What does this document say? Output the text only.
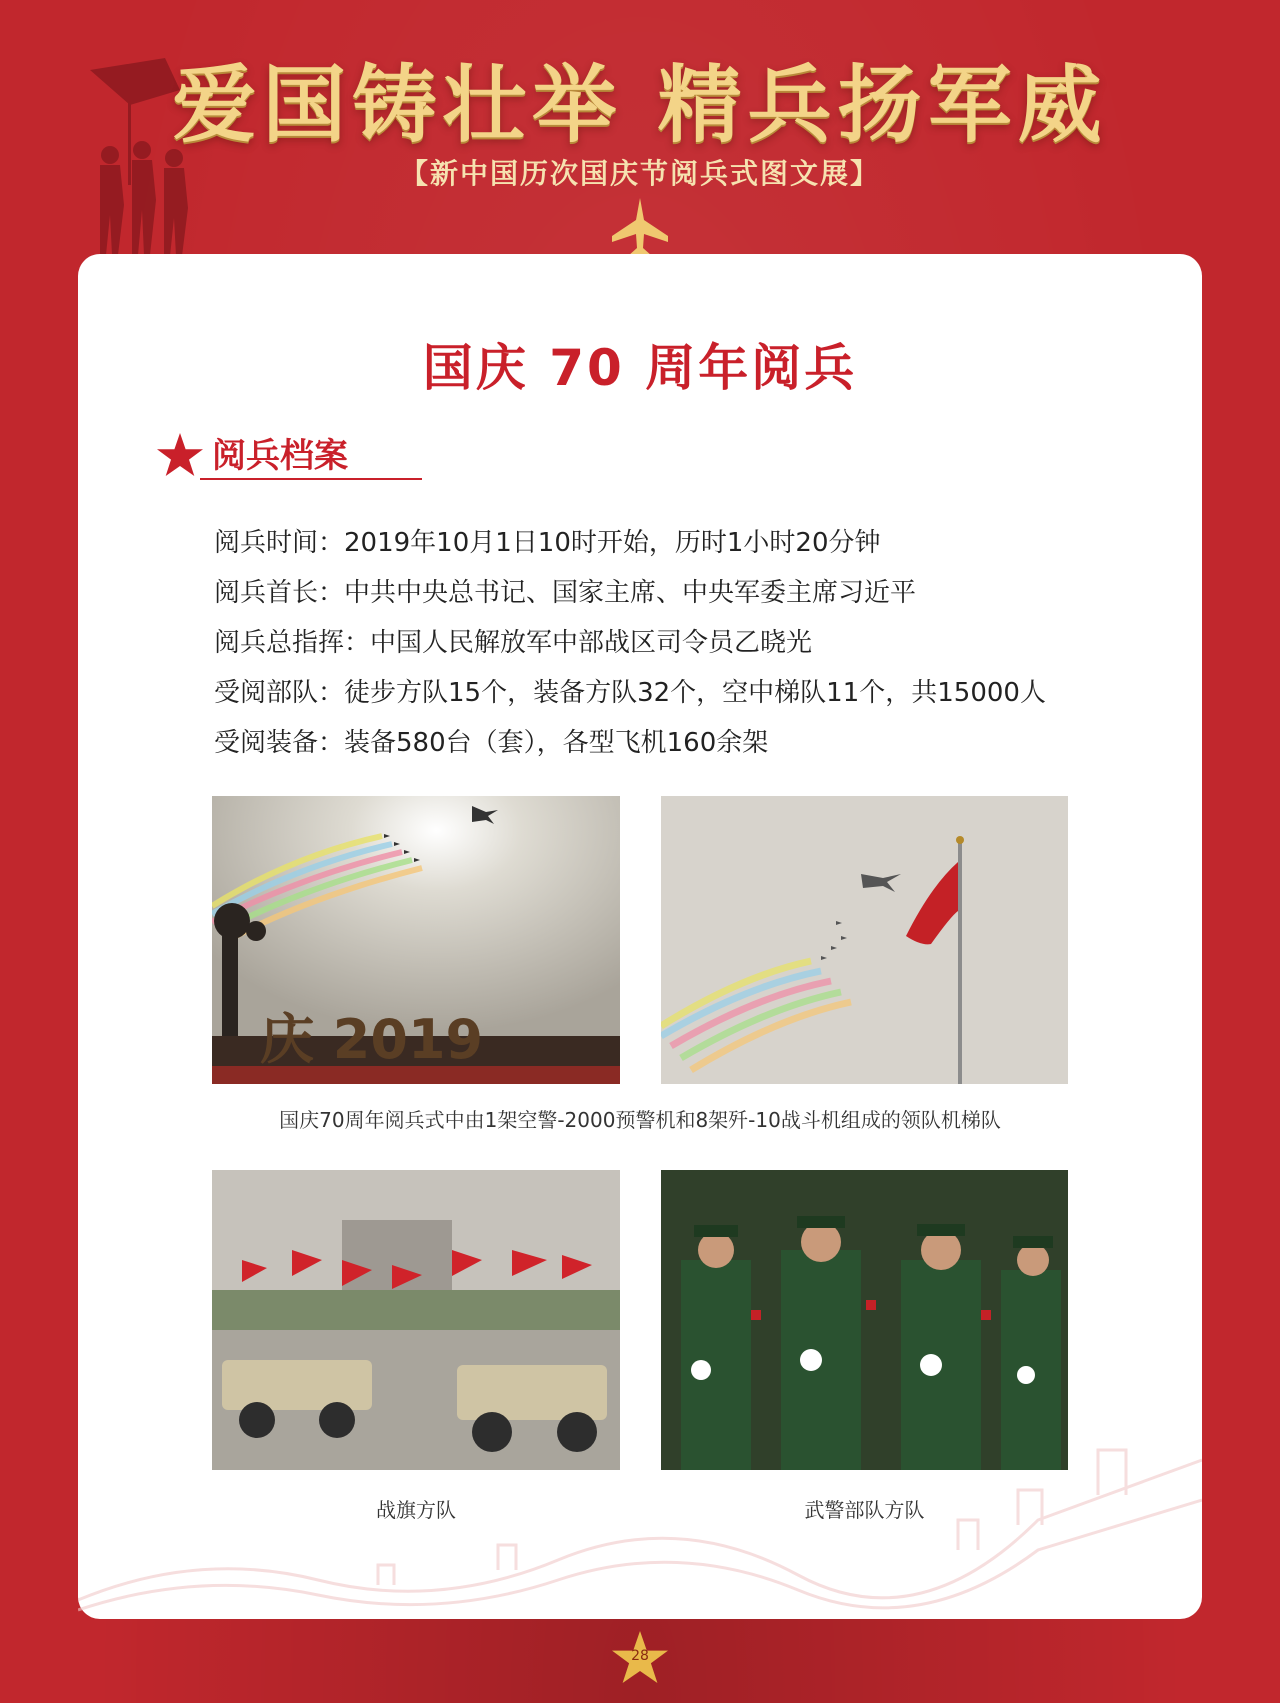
爱国铸壮举 精兵扬军威
【新中国历次国庆节阅兵式图文展】
国庆 70 周年阅兵
阅兵档案
阅兵时间：2019年10月1日10时开始，历时1小时20分钟
阅兵首长：中共中央总书记、国家主席、中央军委主席习近平
阅兵总指挥：中国人民解放军中部战区司令员乙晓光
受阅部队：徒步方队15个，装备方队32个，空中梯队11个，共15000人
受阅装备：装备580台（套），各型飞机160余架
庆 2019
国庆70周年阅兵式中由1架空警-2000预警机和8架歼-10战斗机组成的领队机梯队
战旗方队	武警部队方队
28
